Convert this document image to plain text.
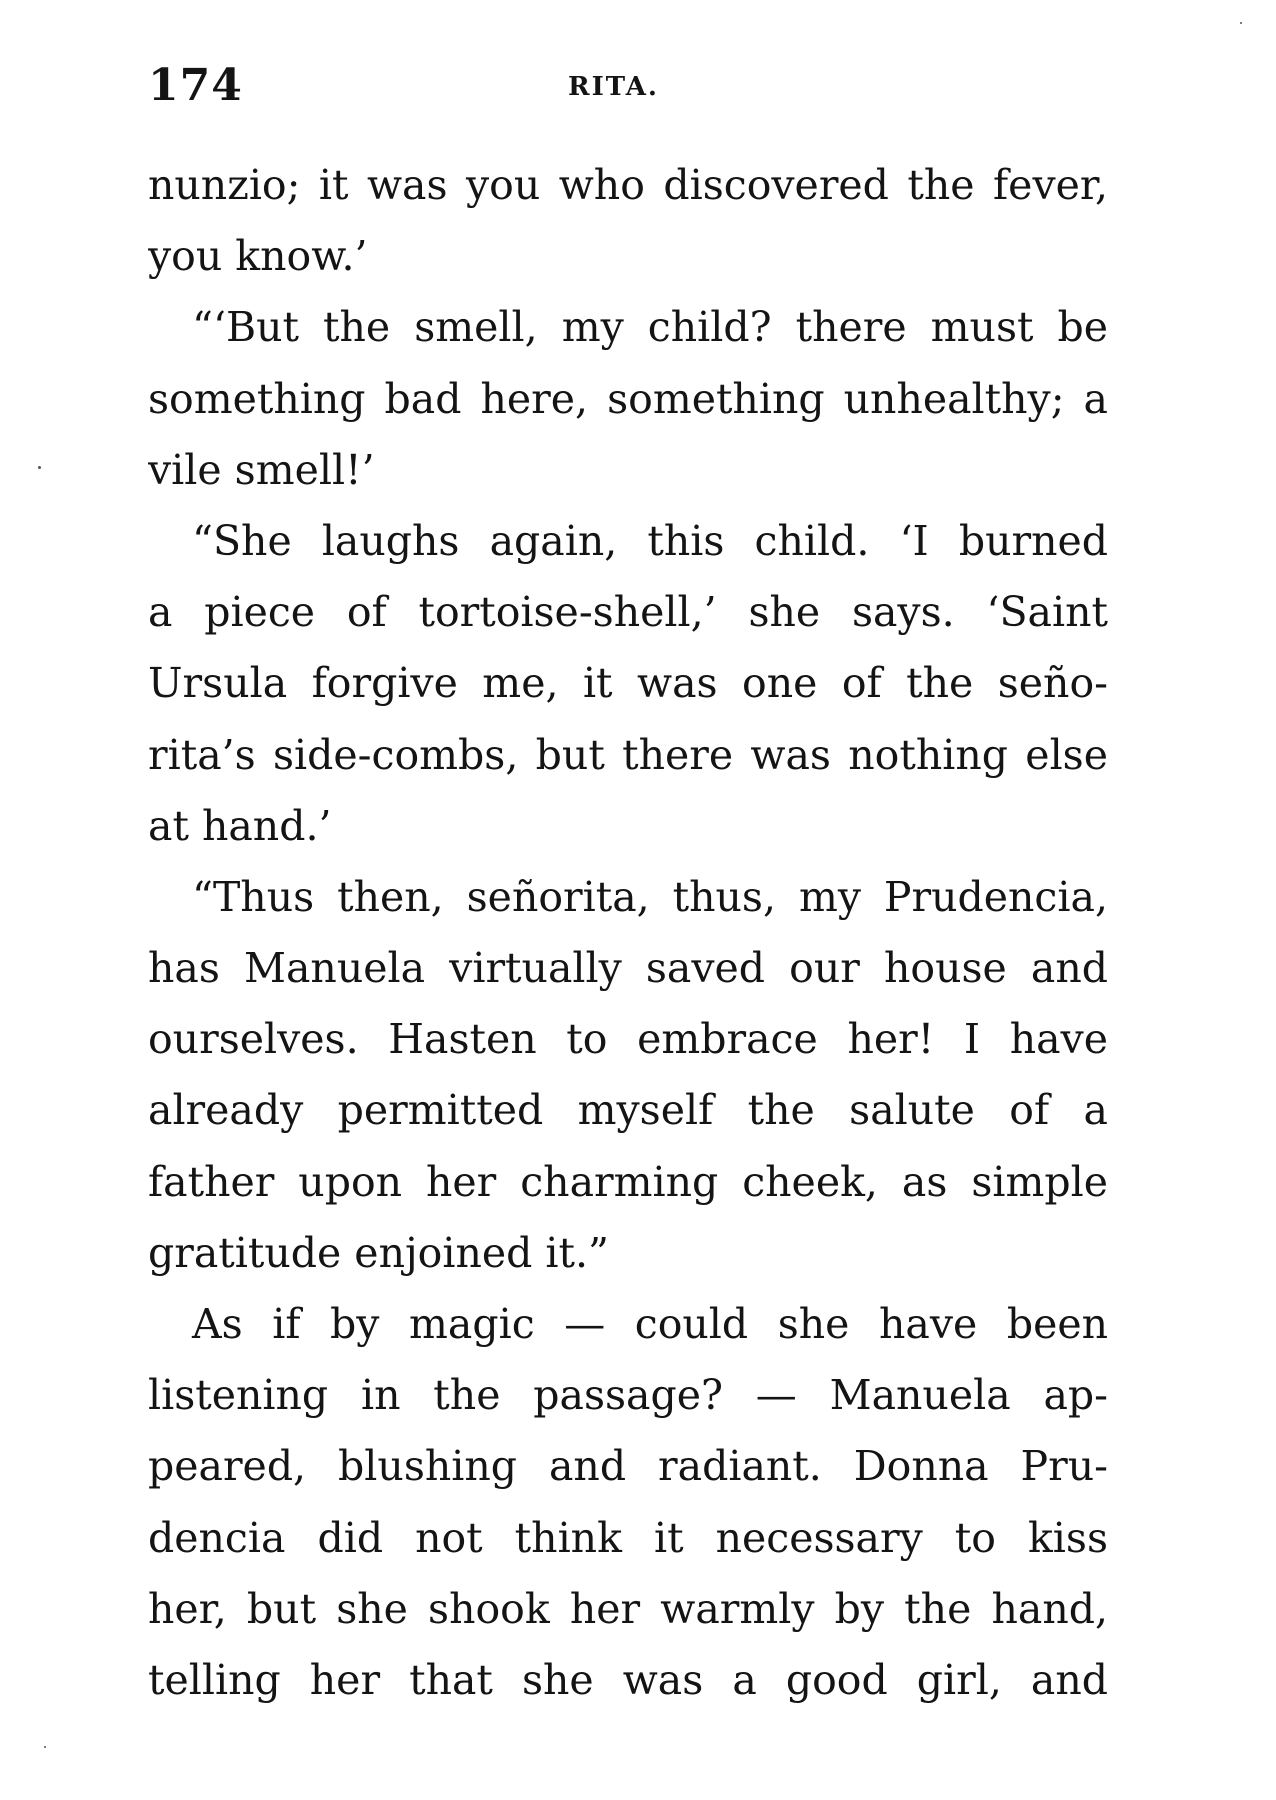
174	RITA.
nunzio; it was you who discovered the fever,
you know.’
“‘But the smell, my child? there must be
something bad here, something unhealthy; a
vile smell!’
“She laughs again, this child. ‘I burned
a piece of tortoise-shell,’ she says. ‘Saint
Ursula forgive me, it was one of the seño-
rita’s side-combs, but there was nothing else
at hand.’
“Thus then, señorita, thus, my Prudencia,
has Manuela virtually saved our house and
ourselves. Hasten to embrace her! I have
already permitted myself the salute of a
father upon her charming cheek, as simple
gratitude enjoined it.”
As if by magic — could she have been
listening in the passage? — Manuela ap-
peared, blushing and radiant. Donna Pru-
dencia did not think it necessary to kiss
her, but she shook her warmly by the hand,
telling her that she was a good girl, and
